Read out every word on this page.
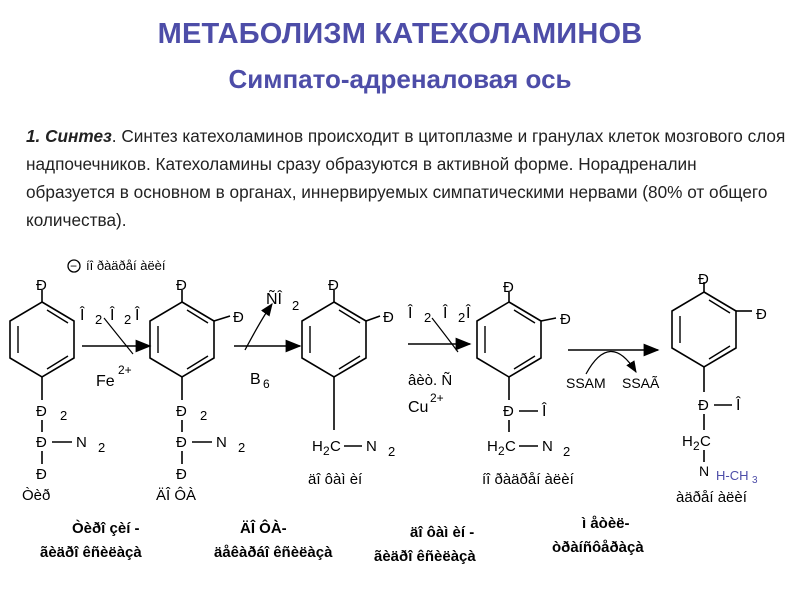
МЕТАБОЛИЗМ КАТЕХОЛАМИНОВ
Симпато-адреналовая ось
1. Синтез. Синтез катехоламинов происходит в цитоплазме и гранулах клеток мозгового слоя надпочечников. Катехоламины сразу образуются в активной форме. Норадреналин образуется в основном в органах, иннервируемых симпатическими нервами (80% от общего количества).
− íî ðàäðåí àëèí
Ð
Ð 2
Ð N 2
Ð
Òèð
Î 2 Î 2 Î
Fe
2+
Ð
Ð
Ð 2
Ð N 2
Ð
ÄÎ ÔÀ
ÑÎ 2
B 6
Ð
Ð
H 2 C N 2
äî ôàì èí
Î 2 Î 2 Î
âèò. Ñ
Cu
2+
Ð
Ð
Ð Î
H 2 C N 2
íî ðàäðåí àëèí
SSAM SSAÃ
Ð
Ð
Ð Î
H 2 C
N H-CH 3
àäðåí àëèí
Òèðî çèí -
ãèäðî êñèëàçà
ÄÎ ÔÀ-
äåêàðáî êñèëàçà
äî ôàì èí -
ãèäðî êñèëàçà
ì åòèë-
òðàíñôåðàçà
